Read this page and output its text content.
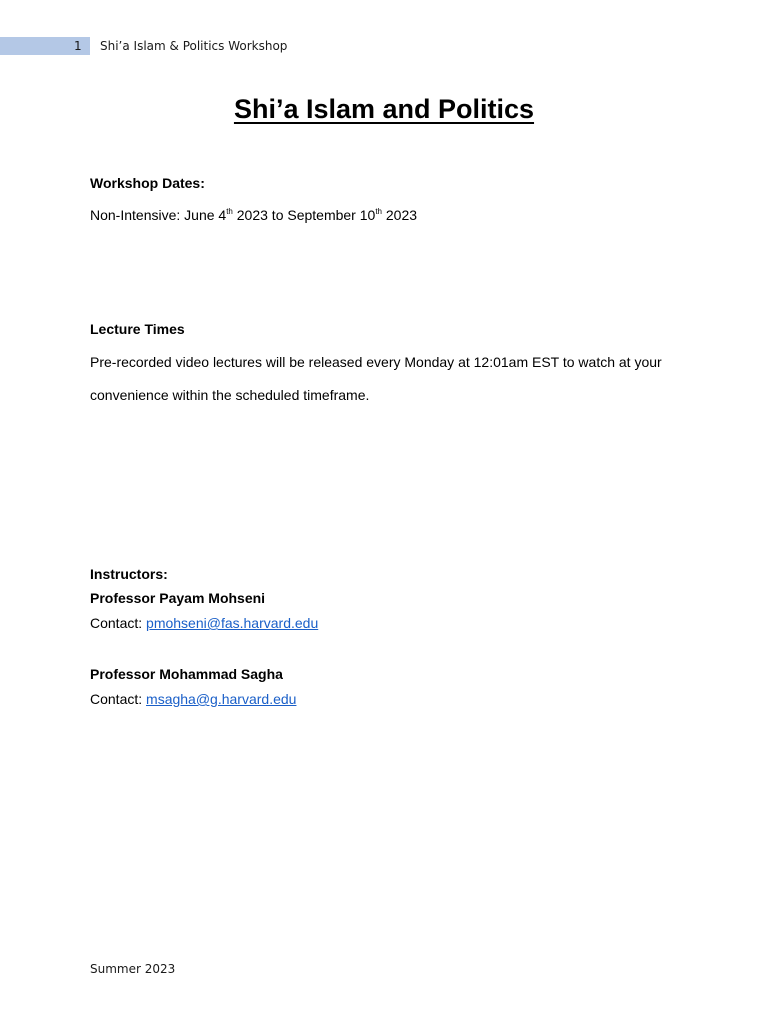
1 Shi’a Islam & Politics Workshop
Shi’a Islam and Politics

Workshop Dates:

Non-Intensive: June 4th 2023 to September 10th 2023

Lecture Times

Pre-recorded video lectures will be released every Monday at 12:01am EST to watch at your

convenience within the scheduled timeframe.

Instructors:

Professor Payam Mohseni

Contact: pmohseni@fas.harvard.edu

Professor Mohammad Sagha

Contact: msagha@g.harvard.edu

Summer 2023
